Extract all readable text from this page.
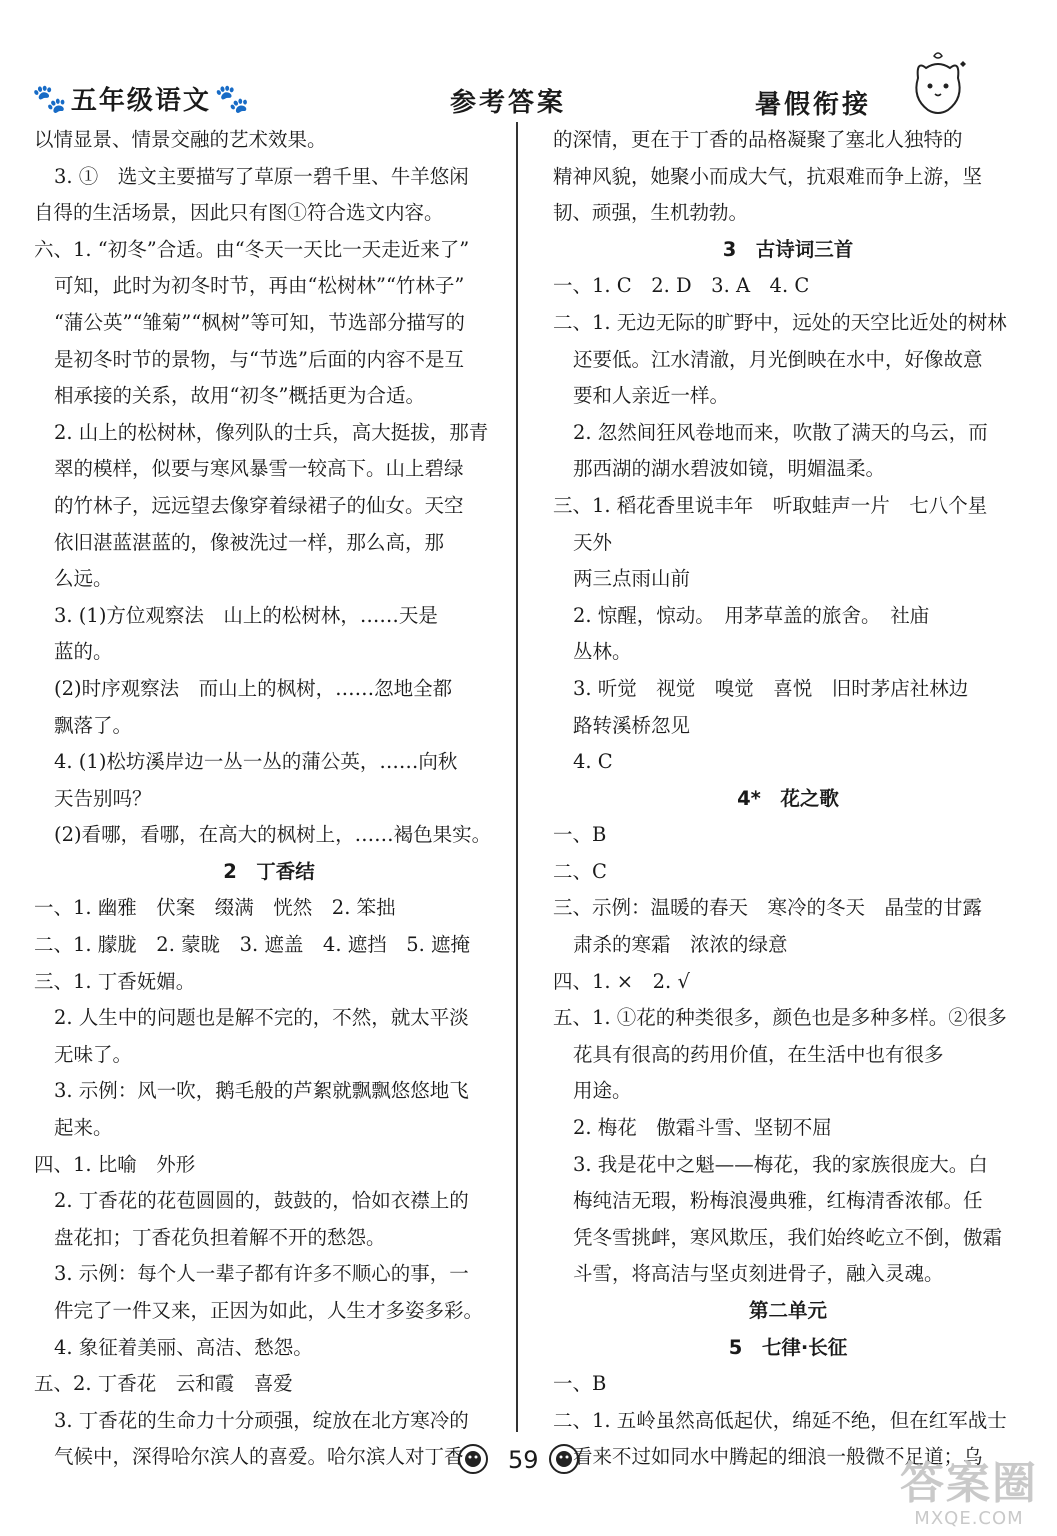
🐾 五年级语文 🐾	参考答案	暑假衔接
以情显景、情景交融的艺术效果。
3. ①　选文主要描写了草原一碧千里、牛羊悠闲
自得的生活场景，因此只有图①符合选文内容。
六、1. “初冬”合适。由“冬天一天比一天走近来了”
可知，此时为初冬时节，再由“松树林”“竹林子”
“蒲公英”“雏菊”“枫树”等可知，节选部分描写的
是初冬时节的景物，与“节选”后面的内容不是互
相承接的关系，故用“初冬”概括更为合适。
2. 山上的松树林，像列队的士兵，高大挺拔，那青
翠的模样，似要与寒风暴雪一较高下。山上碧绿
的竹林子，远远望去像穿着绿裙子的仙女。天空
依旧湛蓝湛蓝的，像被洗过一样，那么高，那
么远。
3. (1)方位观察法　山上的松树林，……天是
蓝的。
(2)时序观察法　而山上的枫树，……忽地全都
飘落了。
4. (1)松坊溪岸边一丛一丛的蒲公英，……向秋
天告别吗？
(2)看哪，看哪，在高大的枫树上，……褐色果实。
2　丁香结
一、1. 幽雅　伏案　缀满　恍然　2. 笨拙
二、1. 朦胧　2. 蒙眬　3. 遮盖　4. 遮挡　5. 遮掩
三、1. 丁香妩媚。
2. 人生中的问题也是解不完的，不然，就太平淡
无味了。
3. 示例：风一吹，鹅毛般的芦絮就飘飘悠悠地飞
起来。
四、1. 比喻　外形
2. 丁香花的花苞圆圆的，鼓鼓的，恰如衣襟上的
盘花扣；丁香花负担着解不开的愁怨。
3. 示例：每个人一辈子都有许多不顺心的事，一
件完了一件又来，正因为如此，人生才多姿多彩。
4. 象征着美丽、高洁、愁怨。
五、2. 丁香花　云和霞　喜爱
3. 丁香花的生命力十分顽强，绽放在北方寒冷的
气候中，深得哈尔滨人的喜爱。哈尔滨人对丁香
的深情，更在于丁香的品格凝聚了塞北人独特的
精神风貌，她聚小而成大气，抗艰难而争上游，坚
韧、顽强，生机勃勃。
3　古诗词三首
一、1. C　2. D　3. A　4. C
二、1. 无边无际的旷野中，远处的天空比近处的树林
还要低。江水清澈，月光倒映在水中，好像故意
要和人亲近一样。
2. 忽然间狂风卷地而来，吹散了满天的乌云，而
那西湖的湖水碧波如镜，明媚温柔。
三、1. 稻花香里说丰年　听取蛙声一片　七八个星
天外
两三点雨山前
2. 惊醒，惊动。　用茅草盖的旅舍。　社庙
丛林。
3. 听觉　视觉　嗅觉　喜悦　旧时茅店社林边
路转溪桥忽见
4. C
4*　花之歌
一、B
二、C
三、示例：温暖的春天　寒冷的冬天　晶莹的甘露
肃杀的寒霜　浓浓的绿意
四、1. ×　2. √
五、1. ①花的种类很多，颜色也是多种多样。②很多
花具有很高的药用价值，在生活中也有很多
用途。
2. 梅花　傲霜斗雪、坚韧不屈
3. 我是花中之魁——梅花，我的家族很庞大。白
梅纯洁无瑕，粉梅浪漫典雅，红梅清香浓郁。任
凭冬雪挑衅，寒风欺压，我们始终屹立不倒，傲霜
斗雪，将高洁与坚贞刻进骨子，融入灵魂。
第二单元
5　七律·长征
一、B
二、1. 五岭虽然高低起伏，绵延不绝，但在红军战士
看来不过如同水中腾起的细浪一般微不足道；乌
59	答案圈
MXQE.COM
